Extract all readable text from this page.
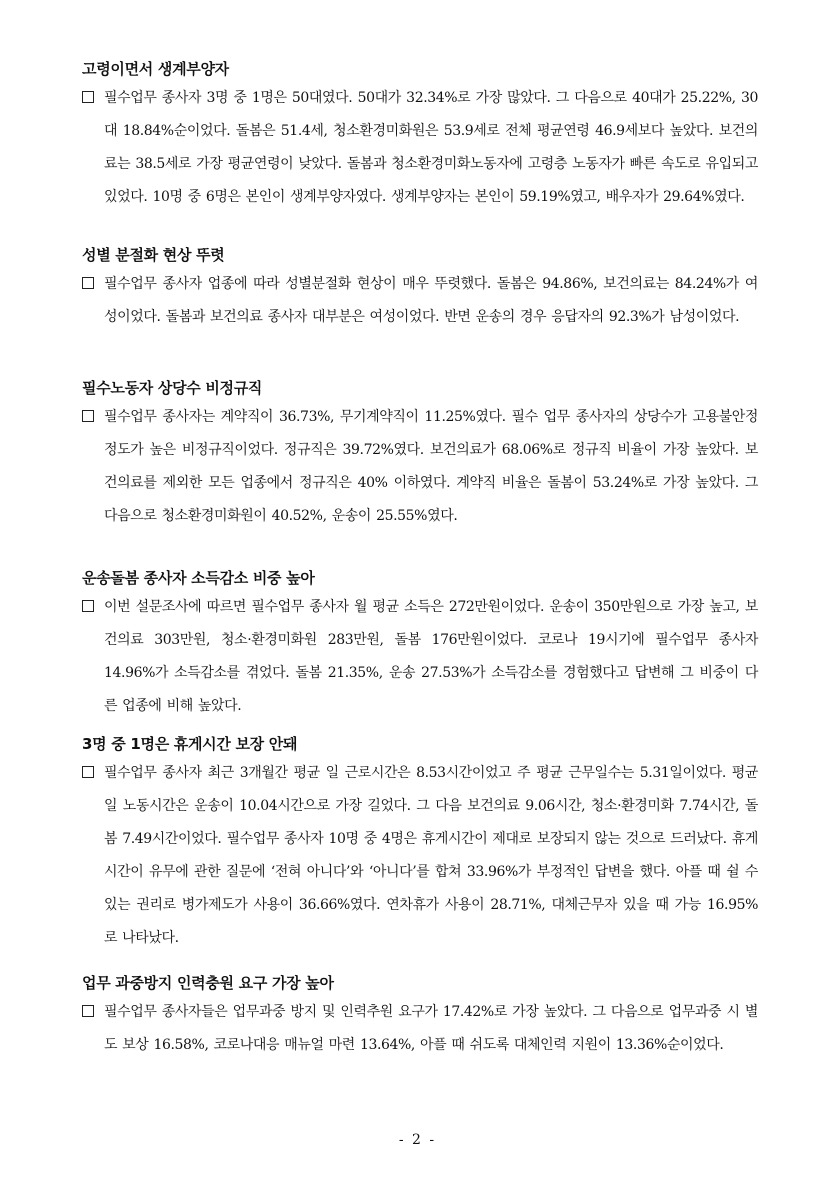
고령이면서 생계부양자
필수업무 종사자 3명 중 1명은 50대였다. 50대가 32.34%로 가장 많았다. 그 다음으로 40대가 25.22%, 30대 18.84%순이었다. 돌봄은 51.4세, 청소환경미화원은 53.9세로 전체 평균연령 46.9세보다 높았다. 보건의료는 38.5세로 가장 평균연령이 낮았다. 돌봄과 청소환경미화노동자에 고령층 노동자가 빠른 속도로 유입되고 있었다. 10명 중 6명은 본인이 생계부양자였다. 생계부양자는 본인이 59.19%였고, 배우자가 29.64%였다.
성별 분절화 현상 뚜렷
필수업무 종사자 업종에 따라 성별분절화 현상이 매우 뚜렷했다. 돌봄은 94.86%, 보건의료는 84.24%가 여성이었다. 돌봄과 보건의료 종사자 대부분은 여성이었다. 반면 운송의 경우 응답자의 92.3%가 남성이었다.
필수노동자 상당수 비정규직
필수업무 종사자는 계약직이 36.73%, 무기계약직이 11.25%였다. 필수 업무 종사자의 상당수가 고용불안정 정도가 높은 비정규직이었다. 정규직은 39.72%였다. 보건의료가 68.06%로 정규직 비율이 가장 높았다. 보건의료를 제외한 모든 업종에서 정규직은 40% 이하였다. 계약직 비율은 돌봄이 53.24%로 가장 높았다. 그 다음으로 청소환경미화원이 40.52%, 운송이 25.55%였다.
운송돌봄 종사자 소득감소 비중 높아
이번 설문조사에 따르면 필수업무 종사자 월 평균 소득은 272만원이었다. 운송이 350만원으로 가장 높고, 보건의료 303만원, 청소·환경미화원 283만원, 돌봄 176만원이었다. 코로나 19시기에 필수업무 종사자 14.96%가 소득감소를 겪었다. 돌봄 21.35%, 운송 27.53%가 소득감소를 경험했다고 답변해 그 비중이 다른 업종에 비해 높았다.
3명 중 1명은 휴게시간 보장 안돼
필수업무 종사자 최근 3개월간 평균 일 근로시간은 8.53시간이었고 주 평균 근무일수는 5.31일이었다. 평균 일 노동시간은 운송이 10.04시간으로 가장 길었다. 그 다음 보건의료 9.06시간, 청소·환경미화 7.74시간, 돌봄 7.49시간이었다. 필수업무 종사자 10명 중 4명은 휴게시간이 제대로 보장되지 않는 것으로 드러났다. 휴게시간이 유무에 관한 질문에 ‘전혀 아니다’와 ‘아니다’를 합쳐 33.96%가 부정적인 답변을 했다. 아플 때 쉴 수 있는 권리로 병가제도가 사용이 36.66%였다. 연차휴가 사용이 28.71%, 대체근무자 있을 때 가능 16.95%로 나타났다.
업무 과중방지 인력충원 요구 가장 높아
필수업무 종사자들은 업무과중 방지 및 인력추원 요구가 17.42%로 가장 높았다. 그 다음으로 업무과중 시 별도 보상 16.58%, 코로나대응 매뉴얼 마련 13.64%, 아플 때 쉬도록 대체인력 지원이 13.36%순이었다.
- 2 -
